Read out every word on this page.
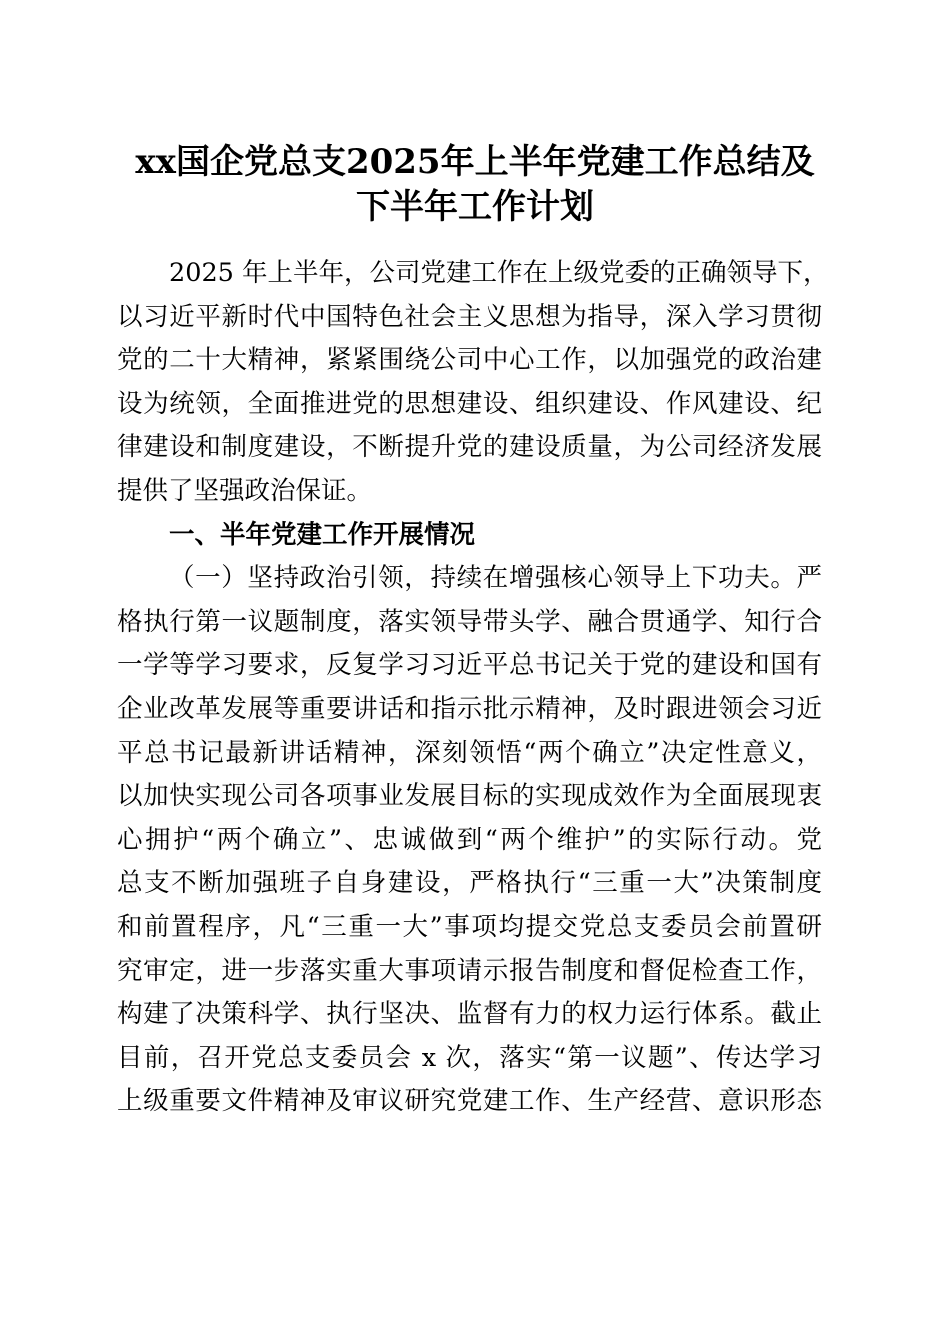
xx国企党总支2025年上半年党建工作总结及
下半年工作计划
2025 年上半年，公司党建工作在上级党委的正确领导下，
以习近平新时代中国特色社会主义思想为指导，深入学习贯彻
党的二十大精神，紧紧围绕公司中心工作，以加强党的政治建
设为统领，全面推进党的思想建设、组织建设、作风建设、纪
律建设和制度建设，不断提升党的建设质量，为公司经济发展
提供了坚强政治保证。
一、半年党建工作开展情况
（一）坚持政治引领，持续在增强核心领导上下功夫。严
格执行第一议题制度，落实领导带头学、融合贯通学、知行合
一学等学习要求，反复学习习近平总书记关于党的建设和国有
企业改革发展等重要讲话和指示批示精神，及时跟进领会习近
平总书记最新讲话精神，深刻领悟“两个确立”决定性意义，
以加快实现公司各项事业发展目标的实现成效作为全面展现衷
心拥护“两个确立”、忠诚做到“两个维护”的实际行动。党
总支不断加强班子自身建设，严格执行“三重一大”决策制度
和前置程序，凡“三重一大”事项均提交党总支委员会前置研
究审定，进一步落实重大事项请示报告制度和督促检查工作，
构建了决策科学、执行坚决、监督有力的权力运行体系。截止
目前，召开党总支委员会 x 次，落实“第一议题”、传达学习
上级重要文件精神及审议研究党建工作、生产经营、意识形态
